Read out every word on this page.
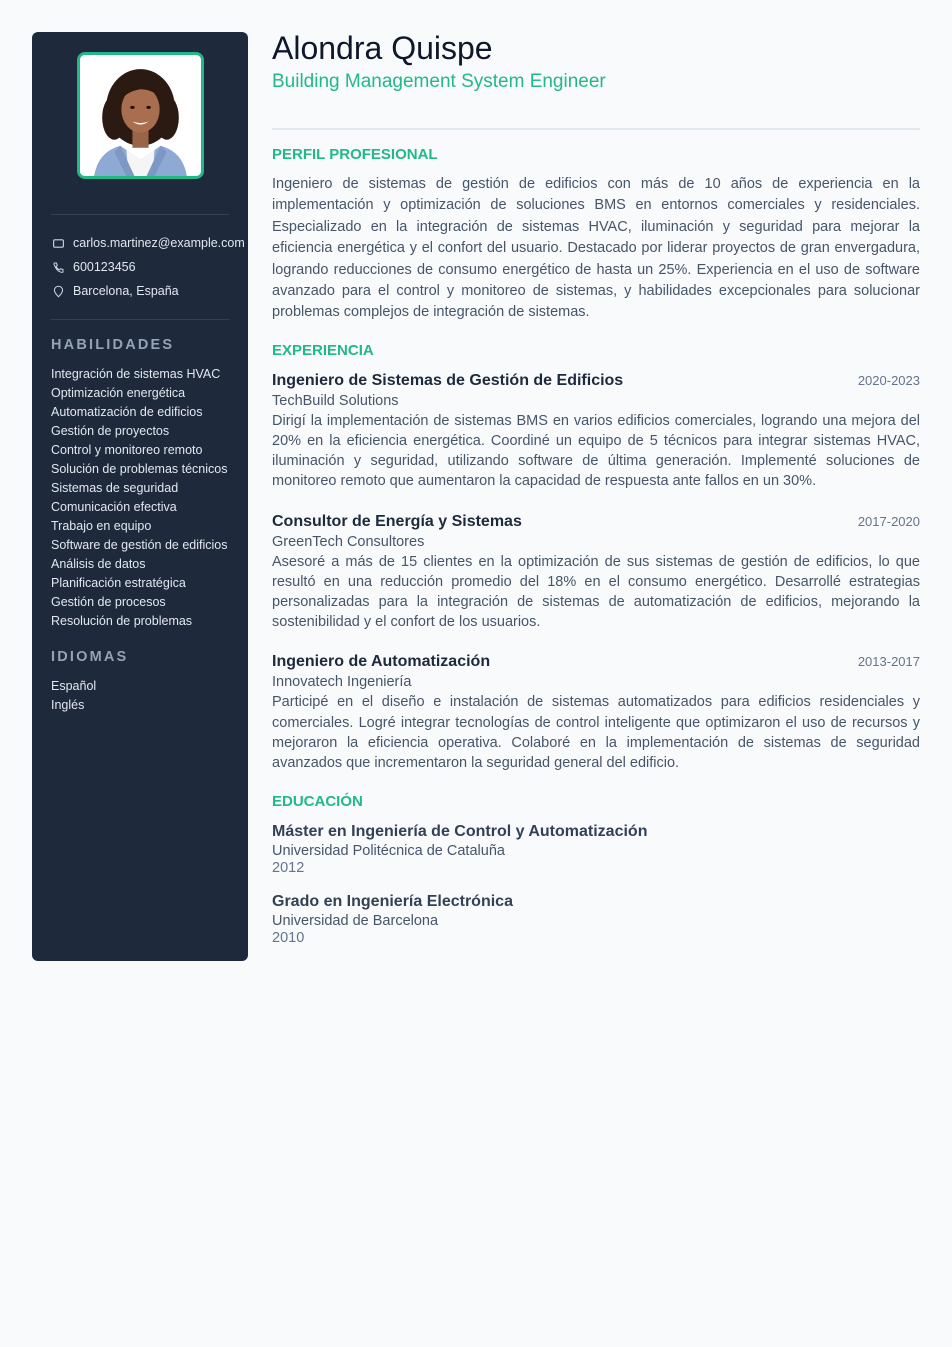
carlos.martinez@example.com
600123456
Barcelona, España
HABILIDADES
Integración de sistemas HVAC
Optimización energética
Automatización de edificios
Gestión de proyectos
Control y monitoreo remoto
Solución de problemas técnicos
Sistemas de seguridad
Comunicación efectiva
Trabajo en equipo
Software de gestión de edificios
Análisis de datos
Planificación estratégica
Gestión de procesos
Resolución de problemas
IDIOMAS
Español
Inglés
Alondra Quispe
Building Management System Engineer
PERFIL PROFESIONAL

Ingeniero de sistemas de gestión de edificios con más de 10 años de experiencia en la implementación y optimización de soluciones BMS en entornos comerciales y residenciales. Especializado en la integración de sistemas HVAC, iluminación y seguridad para mejorar la eficiencia energética y el confort del usuario. Destacado por liderar proyectos de gran envergadura, logrando reducciones de consumo energético de hasta un 25%. Experiencia en el uso de software avanzado para el control y monitoreo de sistemas, y habilidades excepcionales para solucionar problemas complejos de integración de sistemas.

EXPERIENCIA
Ingeniero de Sistemas de Gestión de Edificios	2020-2023
TechBuild Solutions

Dirigí la implementación de sistemas BMS en varios edificios comerciales, logrando una mejora del 20% en la eficiencia energética. Coordiné un equipo de 5 técnicos para integrar sistemas HVAC, iluminación y seguridad, utilizando software de última generación. Implementé soluciones de monitoreo remoto que aumentaron la capacidad de respuesta ante fallos en un 30%.

Consultor de Energía y Sistemas	2017-2020
GreenTech Consultores

Asesoré a más de 15 clientes en la optimización de sus sistemas de gestión de edificios, lo que resultó en una reducción promedio del 18% en el consumo energético. Desarrollé estrategias personalizadas para la integración de sistemas de automatización de edificios, mejorando la sostenibilidad y el confort de los usuarios.

Ingeniero de Automatización	2013-2017
Innovatech Ingeniería

Participé en el diseño e instalación de sistemas automatizados para edificios residenciales y comerciales. Logré integrar tecnologías de control inteligente que optimizaron el uso de recursos y mejoraron la eficiencia operativa. Colaboré en la implementación de sistemas de seguridad avanzados que incrementaron la seguridad general del edificio.

EDUCACIÓN
Máster en Ingeniería de Control y Automatización
Universidad Politécnica de Cataluña
2012
Grado en Ingeniería Electrónica
Universidad de Barcelona
2010
